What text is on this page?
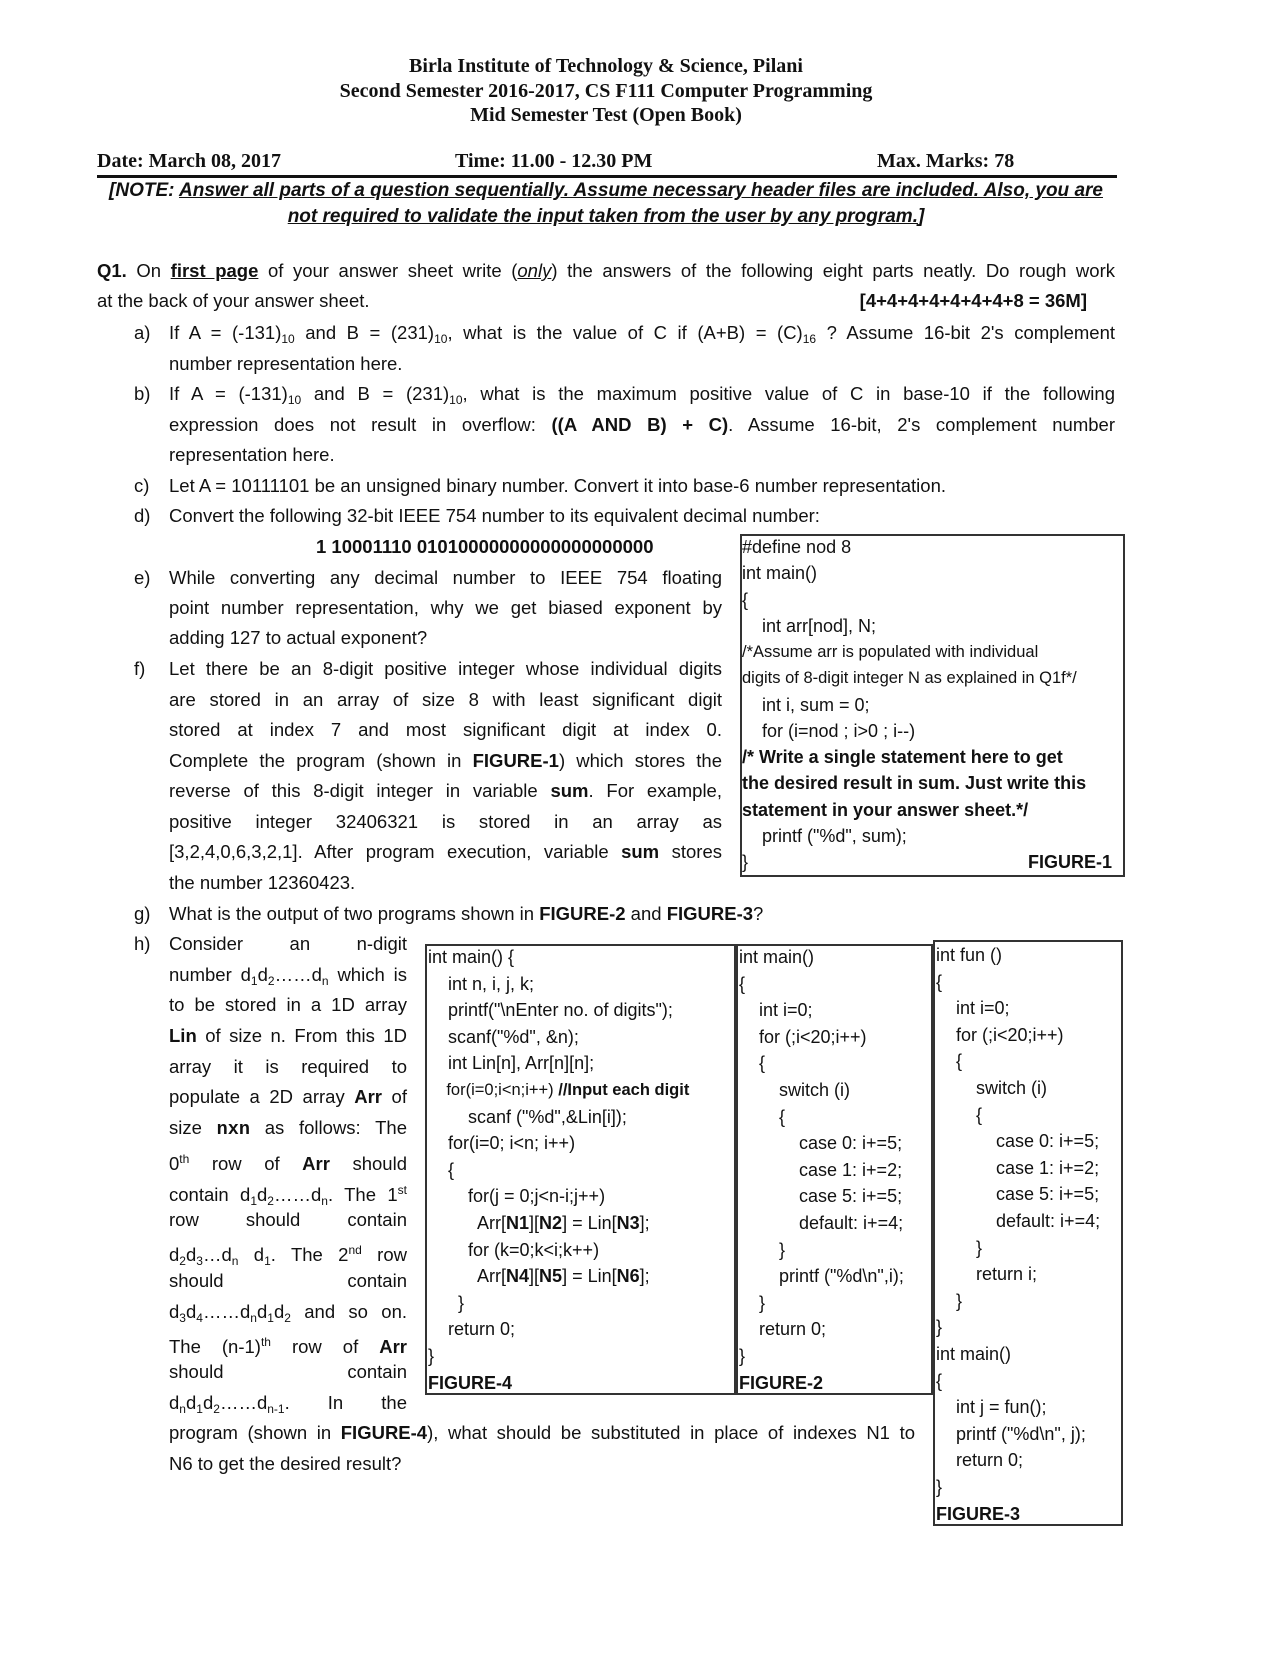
Birla Institute of Technology & Science, Pilani
Second Semester 2016-2017, CS F111 Computer Programming
Mid Semester Test (Open Book)
Date: March 08, 2017	Time: 11.00 - 12.30 PM	Max. Marks: 78
[NOTE: Answer all parts of a question sequentially. Assume necessary header files are included. Also, you are
not required to validate the input taken from the user by any program.]
Q1. On first page of your answer sheet write (only) the answers of the following eight parts neatly. Do rough work
at the back of your answer sheet.
If $A = (-131)_{10}$ and $B = (231)_{10}$, what is the value of C if $(A+B) = (C)_{16}$ ? Assume 16-bit 2's complement
number representation here.
If $A = (-131)_{10}$ and $B = (231)_{10}$, what is the maximum positive value of C in base-10 if the following
expression does not result in overflow: ((A AND B) + C). Assume 16-bit, 2's complement number
representation here.
Let A = 10111101 be an unsigned binary number. Convert it into base-6 number representation.
Convert the following 32-bit IEEE 754 number to its equivalent decimal number:
1 10001110 01010000000000000000000
While converting any decimal number to IEEE 754 floating
point number representation, why we get biased exponent by
adding 127 to actual exponent?
Let there be an 8-digit positive integer whose individual digits
are stored in an array of size 8 with least significant digit
stored at index 7 and most significant digit at index 0.
Complete the program (shown in FIGURE-1) which stores the
reverse of this 8-digit integer in variable sum. For example,
positive integer 32406321 is stored in an array as
[3,2,4,0,6,3,2,1]. After program execution, variable sum stores
the number 12360423.
What is the output of two programs shown in FIGURE-2 and FIGURE-3?
Consider an n-digit
number $d_1d_2\dots\dots d_n$ which is
to be stored in a 1D array
Lin of size n. From this 1D
array it is required to
populate a 2D array Arr of
size nxn as follows: The
0th row of Arr should
contain $d_1d_2\dots\dots d_n$. The 1st
row should contain
$d_2d_3\dots d_n$ $d_1$. The 2nd row
should contain
$d_3d_4\dots\dots d_nd_1d_2$ and so on.
The $(n-1)^{th}$ row of Arr
should contain
$d_nd_1d_2\dots\dots d_{n-1}$. In the
program (shown in FIGURE-4), what should be substituted in place of indexes N1 to
N6 to get the desired result?
a)
b)
c)
d)
e)
f)
g)
h)
[4+4+4+4+4+4+4+8 = 36M]
#define nod 8
int main()
{
int arr[nod], N;
/*Assume arr is populated with individual
digits of 8-digit integer N as explained in Q1f*/
int i, sum = 0;
for (i=nod ; i>0 ; i--)
/* Write a single statement here to get
the desired result in sum. Just write this
statement in your answer sheet.*/
printf ("%d", sum);
}	FIGURE-1
int main() {
int n, i, j, k;
printf("\nEnter no. of digits");
scanf("%d", &n);
int Lin[n], Arr[n][n];
for(i=0;i<n;i++) //Input each digit
scanf ("%d",&Lin[i]);
for(i=0; i<n; i++)
{
for(j = 0;j<n-i;j++)
Arr[N1][N2] = Lin[N3];
for (k=0;k<i;k++)
Arr[N4][N5] = Lin[N6];
}
return 0;
}
FIGURE-4
int main()
{
int i=0;
for (;i<20;i++)
{
switch (i)
{
case 0: i+=5;
case 1: i+=2;
case 5: i+=5;
default: i+=4;
}
printf ("%d\n",i);
}
return 0;
}
FIGURE-2
int fun ()
{
int i=0;
for (;i<20;i++)
{
switch (i)
{
case 0: i+=5;
case 1: i+=2;
case 5: i+=5;
default: i+=4;
}
return i;
}
}
int main()
{
int j = fun();
printf ("%d\n", j);
return 0;
}
FIGURE-3
